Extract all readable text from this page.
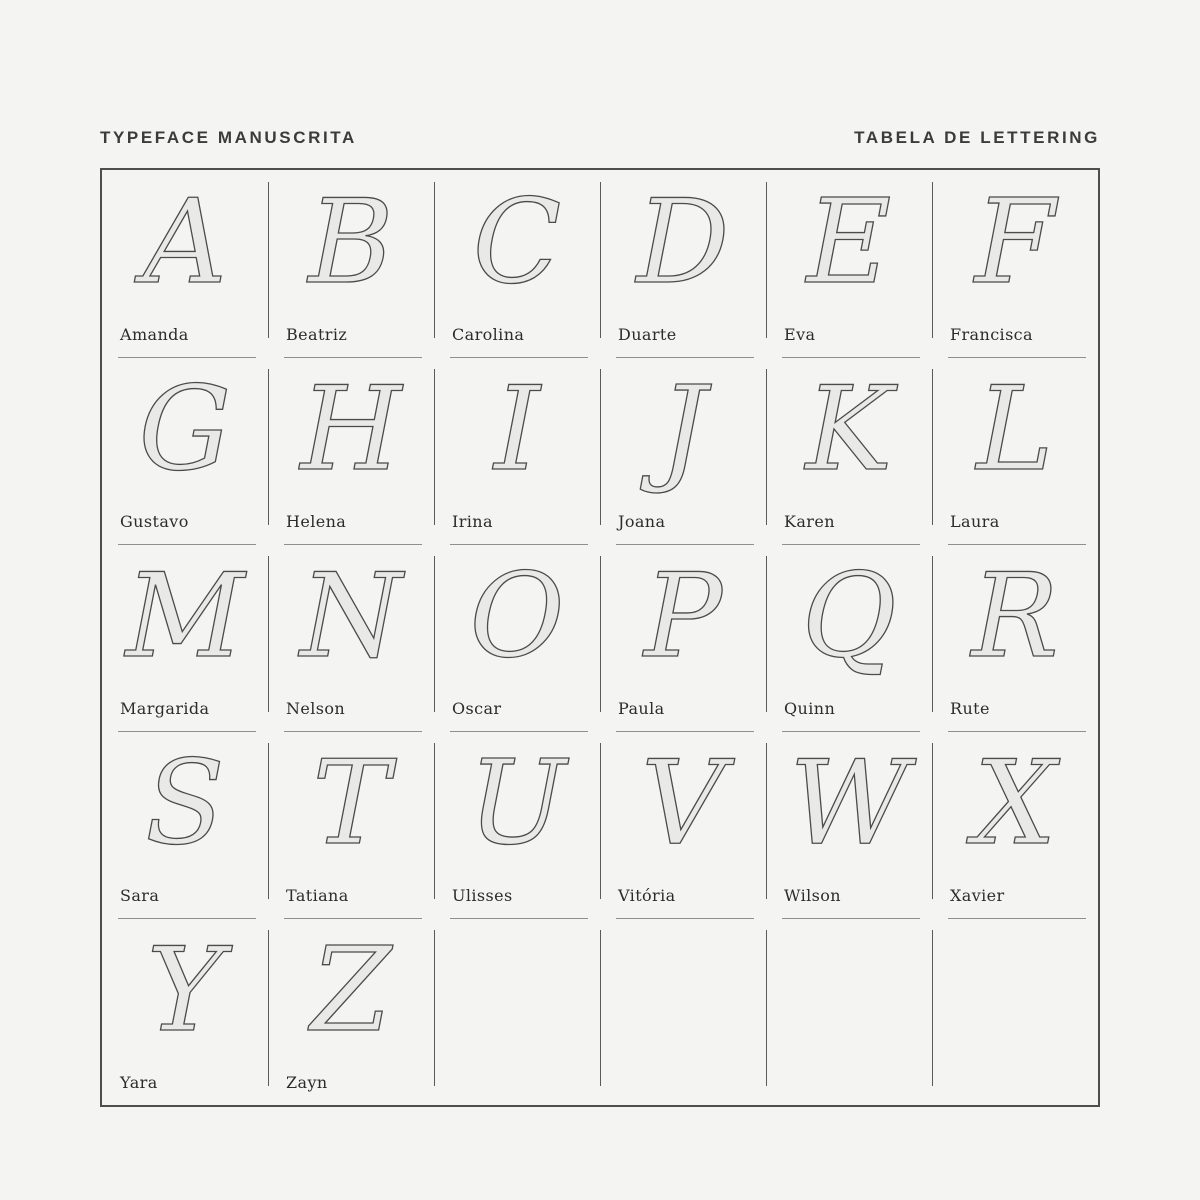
TYPEFACE MANUSCRITA	TABELA DE LETTERING
A
Amanda
B
Beatriz
C
Carolina
D
Duarte
E
Eva
F
Francisca
G
Gustavo
H
Helena
I
Irina
J
Joana
K
Karen
L
Laura
M
Margarida
N
Nelson
O
Oscar
P
Paula
Q
Quinn
R
Rute
S
Sara
T
Tatiana
U
Ulisses
V
Vitória
W
Wilson
X
Xavier
Y
Yara
Z
Zayn
